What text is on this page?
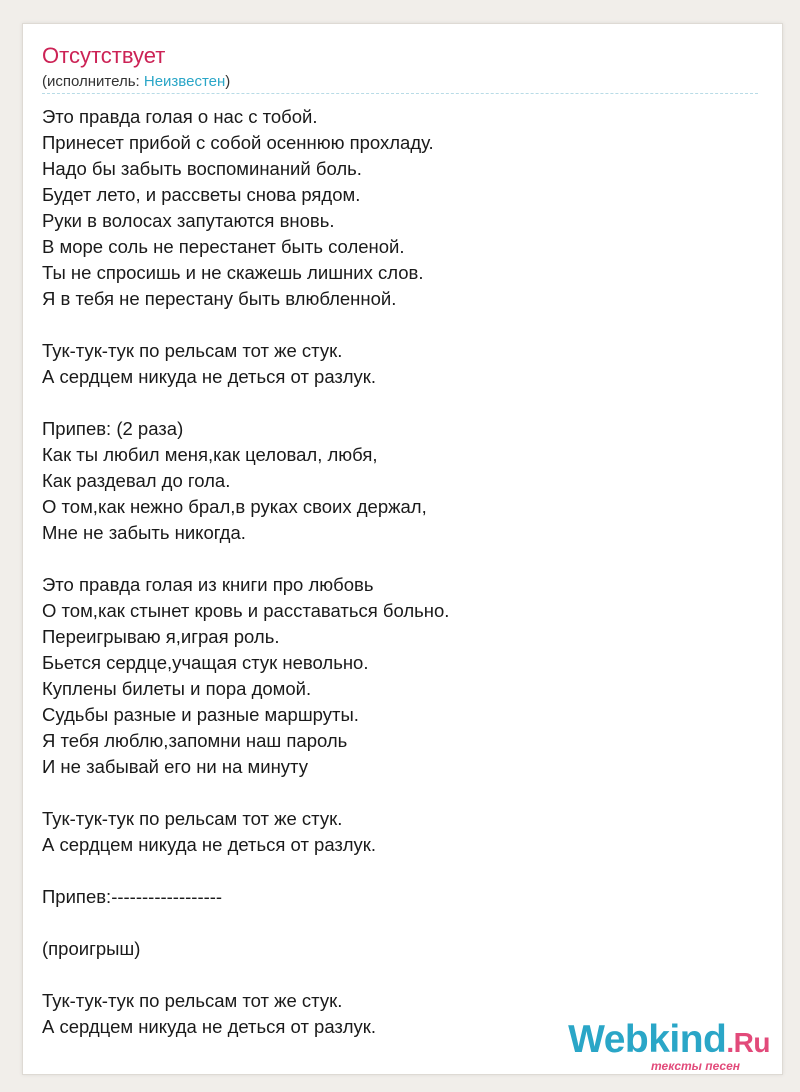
Отсутствует
(исполнитель: Неизвестен)
Это правда голая о нас с тобой.
Принесет прибой с собой осеннюю прохладу.
Надо бы забыть воспоминаний боль.
Будет лето, и рассветы снова рядом.
Руки в волосах запутаются вновь.
В море соль не перестанет быть соленой.
Ты не спросишь и не скажешь лишних слов.
Я в тебя не перестану быть влюбленной.
Тук-тук-тук по рельсам тот же стук.
А сердцем никуда не деться от разлук.
Припев: (2 раза)
Как ты любил меня,как целовал, любя,
Как раздевал до гола.
О том,как нежно брал,в руках своих держал,
Мне не забыть никогда.
Это правда голая из книги про любовь
О том,как стынет кровь и расставаться больно.
Переигрываю я,играя роль.
Бьется сердце,учащая стук невольно.
Куплены билеты и пора домой.
Судьбы разные и разные маршруты.
Я тебя люблю,запомни наш пароль
И не забывай его ни на минуту
Тук-тук-тук по рельсам тот же стук.
А сердцем никуда не деться от разлук.
Припев:------------------
(проигрыш)
Тук-тук-тук по рельсам тот же стук.
А сердцем никуда не деться от разлук.	Webkind.Ru
тексты песен
